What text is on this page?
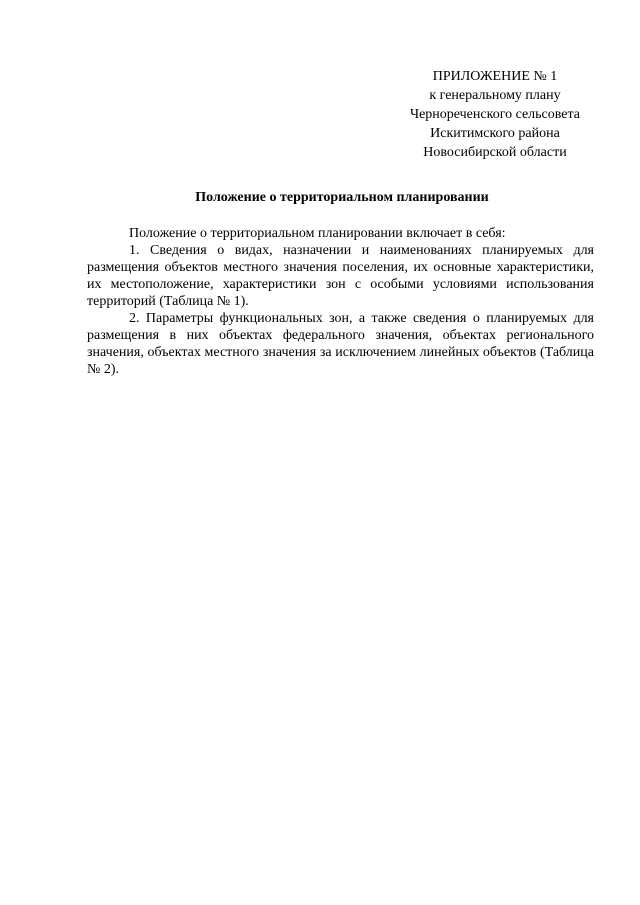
ПРИЛОЖЕНИЕ № 1
к генеральному плану
Чернореченского сельсовета
Искитимского района
Новосибирской области
Положение о территориальном планировании

Положение о территориальном планировании включает в себя:

1. Сведения о видах, назначении и наименованиях планируемых для размещения объектов местного значения поселения, их основные характеристики, их местоположение, характеристики зон с особыми условиями использования территорий (Таблица № 1).

2. Параметры функциональных зон, а также сведения о планируемых для размещения в них объектах федерального значения, объектах регионального значения, объектах местного значения за исключением линейных объектов (Таблица № 2).
